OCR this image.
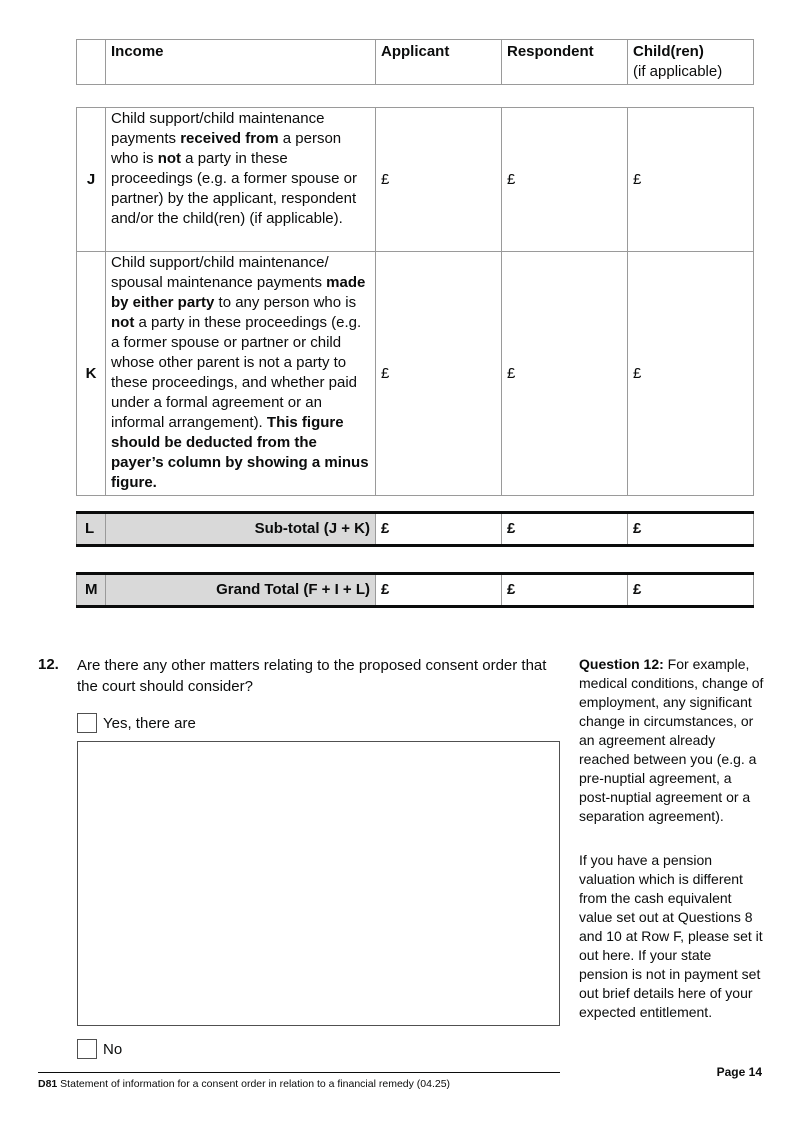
	Income	Applicant	Respondent	Child(ren)
(if applicable)
J	Child support/child maintenance payments received from a person who is not a party in these proceedings (e.g. a former spouse or partner) by the applicant, respondent and/or the child(ren) (if applicable).	£	£	£
K	Child support/child maintenance/ spousal maintenance payments made by either party to any person who is not a party in these proceedings (e.g. a former spouse or partner or child whose other parent is not a party to these proceedings, and whether paid under a formal agreement or an informal arrangement). This figure should be deducted from the payer’s column by showing a minus figure.	£	£	£
L	Sub-total (J + K)	£	£	£
M	Grand Total (F + I + L)	£	£	£
12. Are there any other matters relating to the proposed consent order that the court should consider?
Yes, there are
No
Question 12: For example, medical conditions, change of employment, any significant change in circumstances, or an agreement already reached between you (e.g. a pre-nuptial agreement, a post-nuptial agreement or a separation agreement).
If you have a pension valuation which is different from the cash equivalent value set out at Questions 8 and 10 at Row F, please set it out here. If your state pension is not in payment set out brief details here of your expected entitlement.
D81 Statement of information for a consent order in relation to a financial remedy (04.25)
Page 14
